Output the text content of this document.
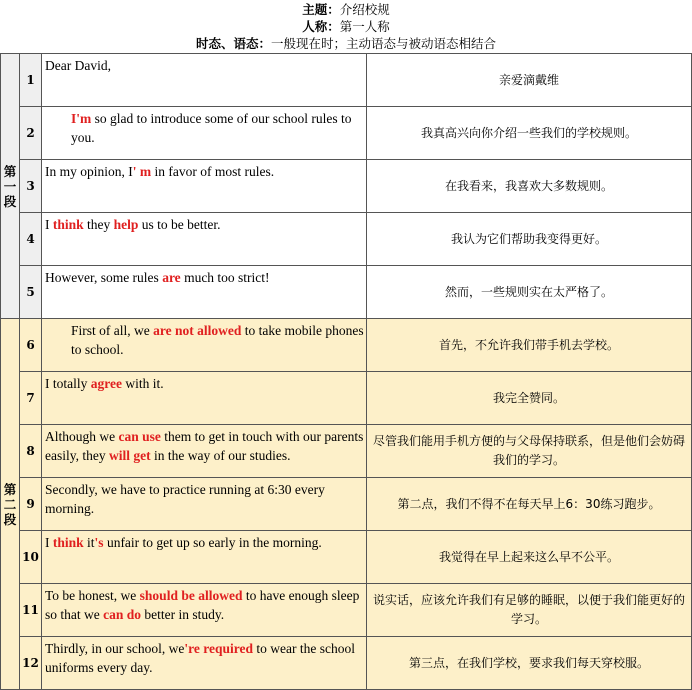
主题：介绍校规
人称：第一人称
时态、语态：一般现在时；主动语态与被动语态相结合
第
一
段	1	Dear David,	亲爱滴戴维
	2	I'm so glad to introduce some of our school rules to you.	我真高兴向你介绍一些我们的学校规则。
	3	In my opinion, I' m in favor of most rules.	在我看来，我喜欢大多数规则。
	4	I think they help us to be better.	我认为它们帮助我变得更好。
	5	However, some rules are much too strict!	然而，一些规则实在太严格了。

第
二
段	6	First of all, we are not allowed to take mobile phones to school.	首先，不允许我们带手机去学校。
	7	I totally agree with it.	我完全赞同。
	8	Although we can use them to get in touch with our parents easily, they will get in the way of our studies.	尽管我们能用手机方便的与父母保持联系，但是他们会妨碍我们的学习。
	9	Secondly, we have to practice running at 6:30 every morning.	第二点，我们不得不在每天早上6：30练习跑步。
	10	I think it's unfair to get up so early in the morning.	我觉得在早上起来这么早不公平。
	11	To be honest, we should be allowed to have enough sleep so that we can do better in study.	说实话，应该允许我们有足够的睡眠，以便于我们能更好的学习。
	12	Thirdly, in our school, we're required to wear the school uniforms every day.	第三点，在我们学校，要求我们每天穿校服。
